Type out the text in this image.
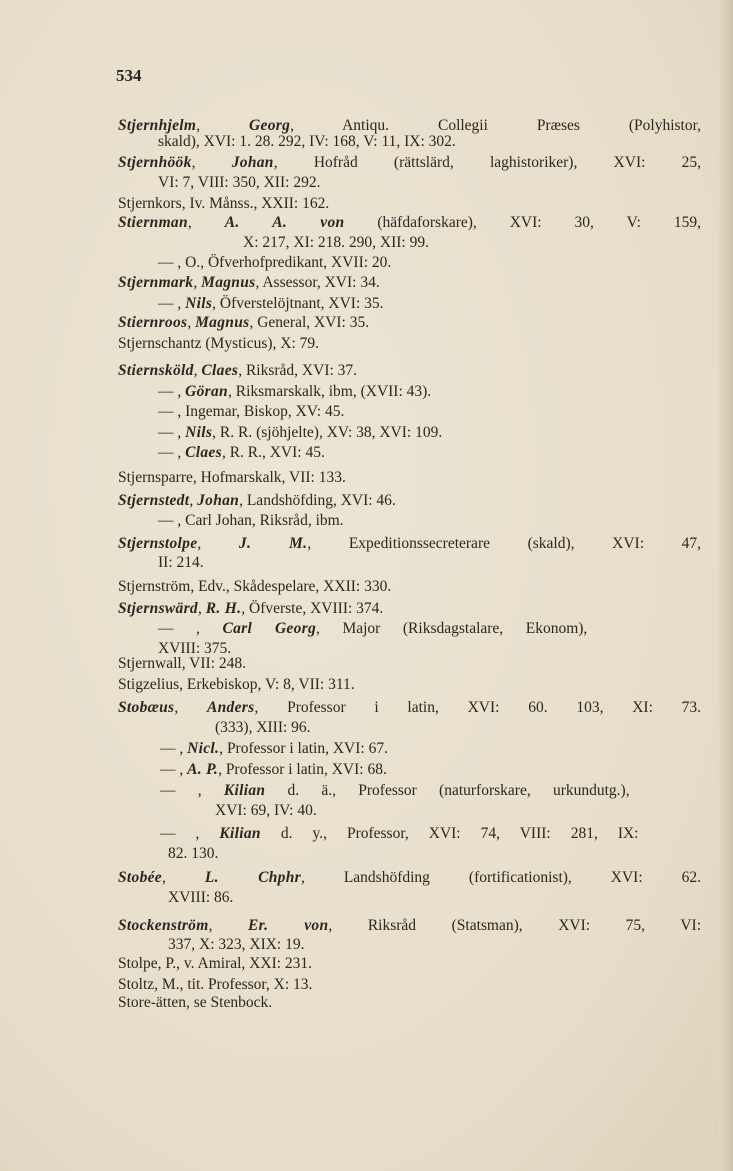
534
Stjernhjelm, Georg, Antiqu. Collegii Præses (Polyhistor,
skald), XVI: 1. 28. 292, IV: 168, V: 11, IX: 302.
Stjernhöök, Johan, Hofråd (rättslärd, laghistoriker), XVI: 25,
VI: 7, VIII: 350, XII: 292.
Stjernkors, Iv. Månss., XXII: 162.
Stiernman, A. A. von (häfdaforskare), XVI: 30, V: 159,
X: 217, XI: 218. 290, XII: 99.
— , O., Öfverhofpredikant, XVII: 20.
Stjernmark, Magnus, Assessor, XVI: 34.
— , Nils, Öfverstelöjtnant, XVI: 35.
Stiernroos, Magnus, General, XVI: 35.
Stjernschantz (Mysticus), X: 79.
Stiernsköld, Claes, Riksråd, XVI: 37.
— , Göran, Riksmarskalk, ibm, (XVII: 43).
— , Ingemar, Biskop, XV: 45.
— , Nils, R. R. (sjöhjelte), XV: 38, XVI: 109.
— , Claes, R. R., XVI: 45.
Stjernsparre, Hofmarskalk, VII: 133.
Stjernstedt, Johan, Landshöfding, XVI: 46.
— , Carl Johan, Riksråd, ibm.
Stjernstolpe, J. M., Expeditionssecreterare (skald), XVI: 47,
II: 214.
Stjernström, Edv., Skådespelare, XXII: 330.
Stjernswärd, R. H., Öfverste, XVIII: 374.
— , Carl Georg, Major (Riksdagstalare, Ekonom),
XVIII: 375.
Stjernwall, VII: 248.
Stigzelius, Erkebiskop, V: 8, VII: 311.
Stobæus, Anders, Professor i latin, XVI: 60. 103, XI: 73.
(333), XIII: 96.
— , Nicl., Professor i latin, XVI: 67.
— , A. P., Professor i latin, XVI: 68.
— , Kilian d. ä., Professor (naturforskare, urkundutg.),
XVI: 69, IV: 40.
— , Kilian d. y., Professor, XVI: 74, VIII: 281, IX:
82. 130.
Stobée, L. Chphr, Landshöfding (fortificationist), XVI: 62.
XVIII: 86.
Stockenström, Er. von, Riksråd (Statsman), XVI: 75, VI:
337, X: 323, XIX: 19.
Stolpe, P., v. Amiral, XXI: 231.
Stoltz, M., tit. Professor, X: 13.
Store-ätten, se Stenbock.
